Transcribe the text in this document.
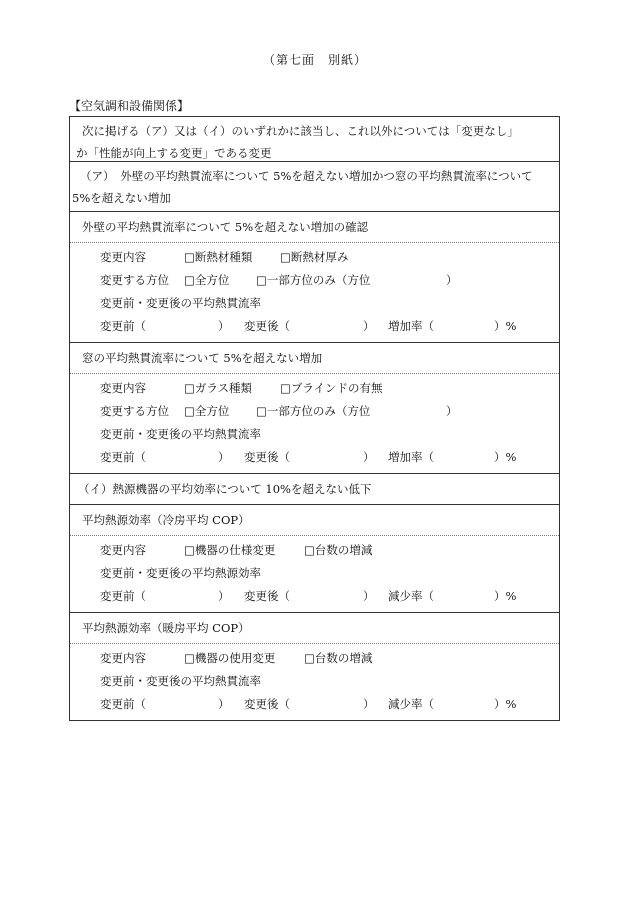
（第七面　別紙）
【空気調和設備関係】
次に掲げる（ア）又は（イ）のいずれかに該当し、これ以外については「変更なし」
か「性能が向上する変更」である変更
（ア）　外壁の平均熱貫流率について 5%を超えない増加かつ窓の平均熱貫流率について
5%を超えない増加
外壁の平均熱貫流率について 5%を超えない増加の確認
変更内容	□断熱材種類 □断熱材厚み
変更する方位 □全方位 □一部方位のみ（方位	）
変更前・変更後の平均熱貫流率
変更前（	） 変更後（	） 増加率（	）%
窓の平均熱貫流率について 5%を超えない増加
変更内容	□ガラス種類 □ブラインドの有無
変更する方位 □全方位 □一部方位のみ（方位	）
変更前・変更後の平均熱貫流率
変更前（	） 変更後（	） 増加率（	）%
（イ）熱源機器の平均効率について 10%を超えない低下
平均熱源効率（冷房平均 COP）
変更内容	□機器の仕様変更 □台数の増減
変更前・変更後の平均熱源効率
変更前（	） 変更後（	） 減少率（	）%
平均熱源効率（暖房平均 COP）
変更内容	□機器の使用変更 □台数の増減
変更前・変更後の平均熱貫流率
変更前（	） 変更後（	） 減少率（	）%
